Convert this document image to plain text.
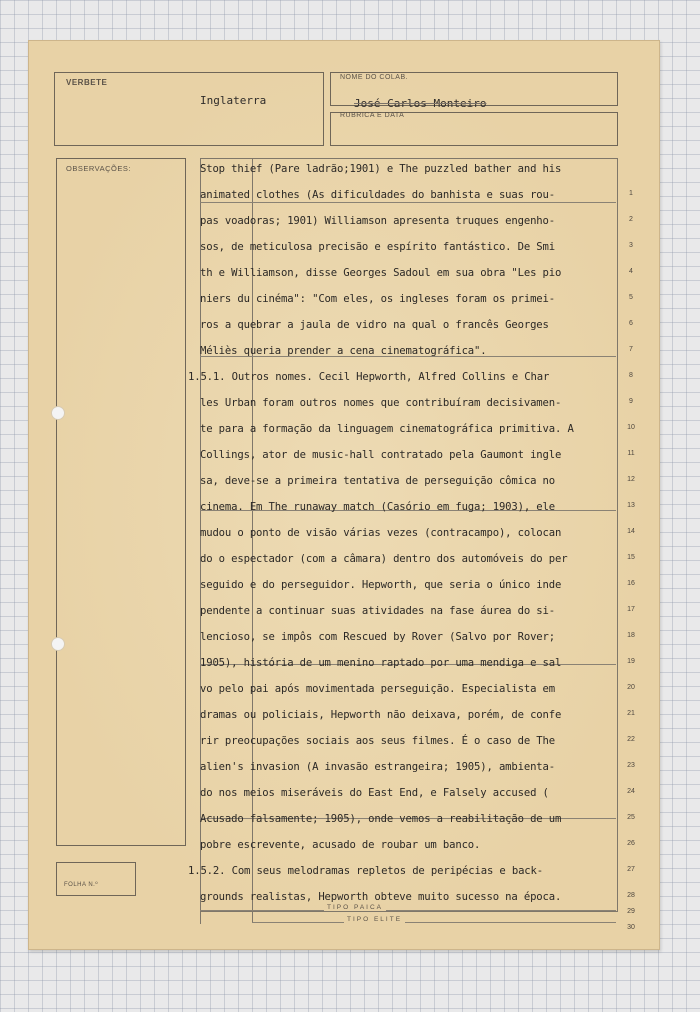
VERBETE
Inglaterra
NOME DO COLAB.
José Carlos Monteiro
RUBRICA E DATA
OBSERVAÇÕES:
FOLHA N.º
Stop thief (Pare ladrão;1901) e The puzzled bather and his
animated clothes (As dificuldades do banhista e suas rou-
pas voadoras; 1901) Williamson apresenta truques engenho-
sos, de meticulosa precisão e espírito fantástico. De Smi
th e Williamson, disse Georges Sadoul em sua obra "Les pio
niers du cinéma": "Com eles, os ingleses foram os primei-
ros a quebrar a jaula de vidro na qual o francês Georges
Méliès queria prender a cena cinematográfica".
1.5.1. Outros nomes. Cecil Hepworth, Alfred Collins e Char
les Urban foram outros nomes que contribuíram decisivamen-
te para a formação da linguagem cinematográfica primitiva. A
Collings, ator de music-hall contratado pela Gaumont ingle
sa, deve-se a primeira tentativa de perseguição cômica no
cinema. Em The runaway match (Casório em fuga; 1903), ele
mudou o ponto de visão várias vezes (contracampo), colocan
do o espectador (com a câmara) dentro dos automóveis do per
seguido e do perseguidor. Hepworth, que seria o único inde
pendente a continuar suas atividades na fase áurea do si-
lencioso, se impôs com Rescued by Rover (Salvo por Rover;
1905), história de um menino raptado por uma mendiga e sal
vo pelo pai após movimentada perseguição. Especialista em
dramas ou policiais, Hepworth não deixava, porém, de confe
rir preocupações sociais aos seus filmes. É o caso de The
alien's invasion (A invasão estrangeira; 1905), ambienta-
do nos meios miseráveis do East End, e Falsely accused (
Acusado falsamente; 1905), onde vemos a reabilitação de um
pobre escrevente, acusado de roubar um banco.
1.5.2. Com seus melodramas repletos de peripécias e back-
grounds realistas, Hepworth obteve muito sucesso na época.
1
2
3
4
5
6
7
8
9
10
11
12
13
14
15
16
17
18
19
20
21
22
23
24
25
26
27
28
29
30
TIPO PAICA
TIPO ELITE
